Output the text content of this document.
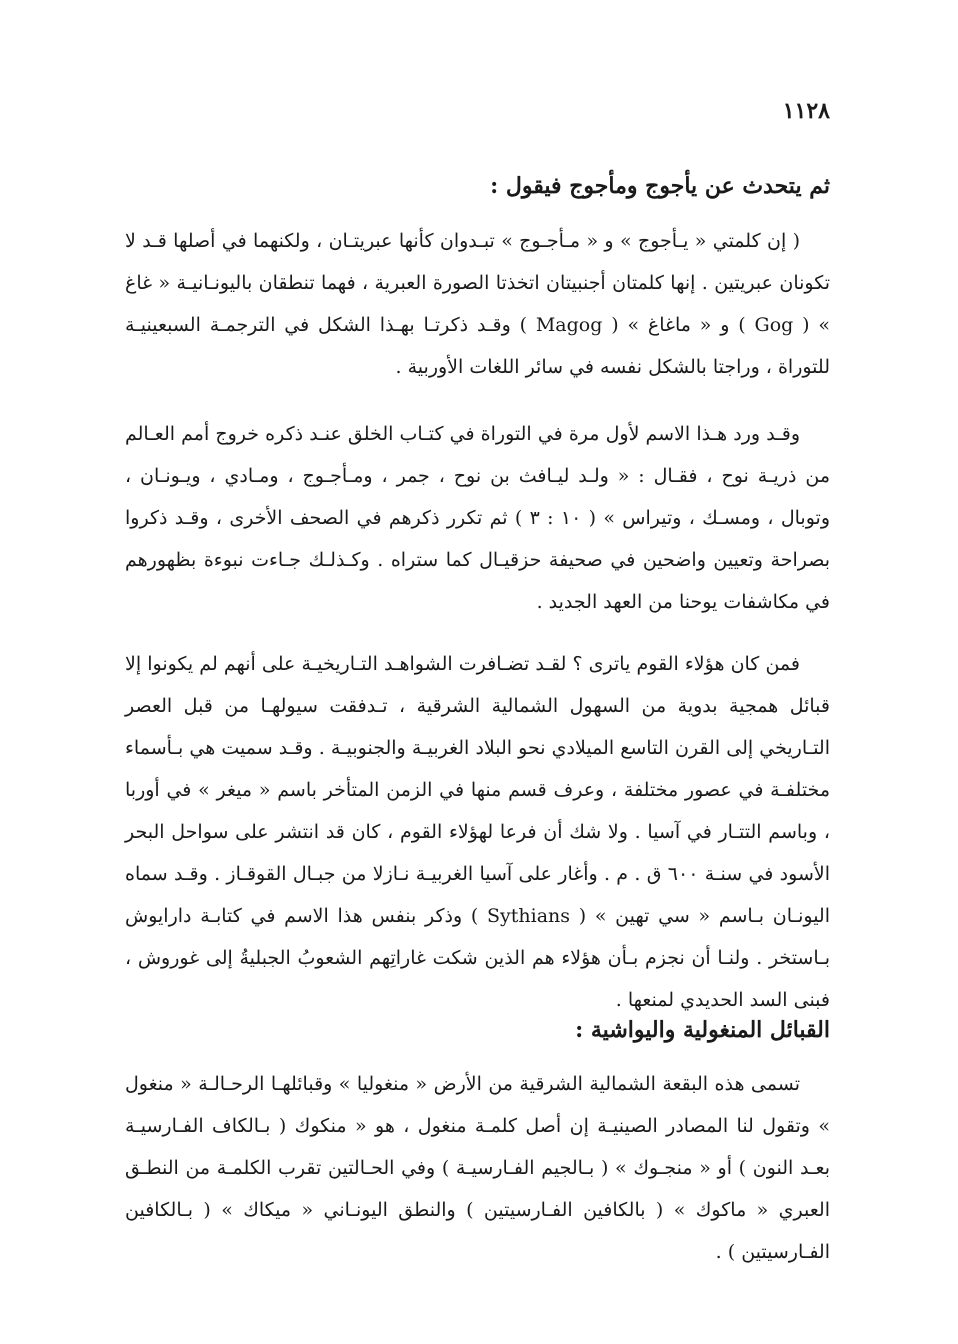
١١٢٨
ثم يتحدث عن يأجوج ومأجوج فيقول :

( إن كلمتي « يـأجوج » و « مـأجـوج » تبـدوان كأنها عبريتـان ، ولكنهما في أصلها قـد لا تكونان عبريتين . إنها كلمتان أجنبيتان اتخذتا الصورة العبرية ، فهما تنطقان باليونـانيـة « غاغ » ( Gog ) و « ماغاغ » ( Magog ) وقـد ذكرتـا بهـذا الشكل في الترجمـة السبعينيـة للتوراة ، وراجتا بالشكل نفسه في سائر اللغات الأوربية .

وقـد ورد هـذا الاسم لأول مرة في التوراة في كتـاب الخلق عنـد ذكره خروج أمم العـالم من ذريـة نوح ، فقـال : « ولـد ليـافث بن نوح ، جمر ، ومـأجـوج ، ومـادي ، ويـونـان ، وتوبال ، ومسـك ، وتيراس » ( ١٠ : ٣ ) ثم تكرر ذكرهم في الصحف الأخرى ، وقـد ذكروا بصراحة وتعيين واضحين في صحيفة حزقيـال كما ستراه . وكـذلـك جـاءت نبوءة بظهورهم في مكاشفات يوحنا من العهد الجديد .

فمن كان هؤلاء القوم ياترى ؟ لقـد تضـافرت الشواهـد التـاريخيـة على أنهم لم يكونوا إلا قبائل همجية بدوية من السهول الشمالية الشرقية ، تـدفقت سيولهـا من قبل العصر التـاريخي إلى القرن التاسع الميلادي نحو البلاد الغربيـة والجنوبيـة . وقـد سميت هي بـأسماء مختلفـة في عصور مختلفة ، وعرف قسم منها في الزمن المتأخر باسم « ميغر » في أوربا ، وباسم التتـار في آسيا . ولا شك أن فرعا لهؤلاء القوم ، كان قد انتشر على سواحل البحر الأسود في سنـة ٦٠٠ ق . م . وأغار على آسيا الغربيـة نـازلا من جبـال القوقـاز . وقـد سماه اليونـان بـاسم « سي تهين » ( Sythians ) وذكر بنفس هذا الاسم في كتابـة دارايوش بـاستخر . ولنـا أن نجزم بـأن هؤلاء هم الذين شكت غاراتِهم الشعوبُ الجبليةُ إلى غوروش ، فبنى السد الحديدي لمنعها .

القبائل المنغولية واليواشية :

تسمى هذه البقعة الشمالية الشرقية من الأرض « منغوليا » وقبائلهـا الرحـالـة « منغول » وتقول لنا المصادر الصينيـة إن أصل كلمـة منغول ، هو « منكوك ( بـالكاف الفـارسيـة بعـد النون ) أو « منجـوك » ( بـالجيم الفـارسيـة ) وفي الحـالتين تقرب الكلمـة من النطـق العبري « ماكوك » ( بالكافين الفـارسيتين ) والنطق اليونـاني « ميكاك » ( بـالكافين الفـارسيتين ) .
